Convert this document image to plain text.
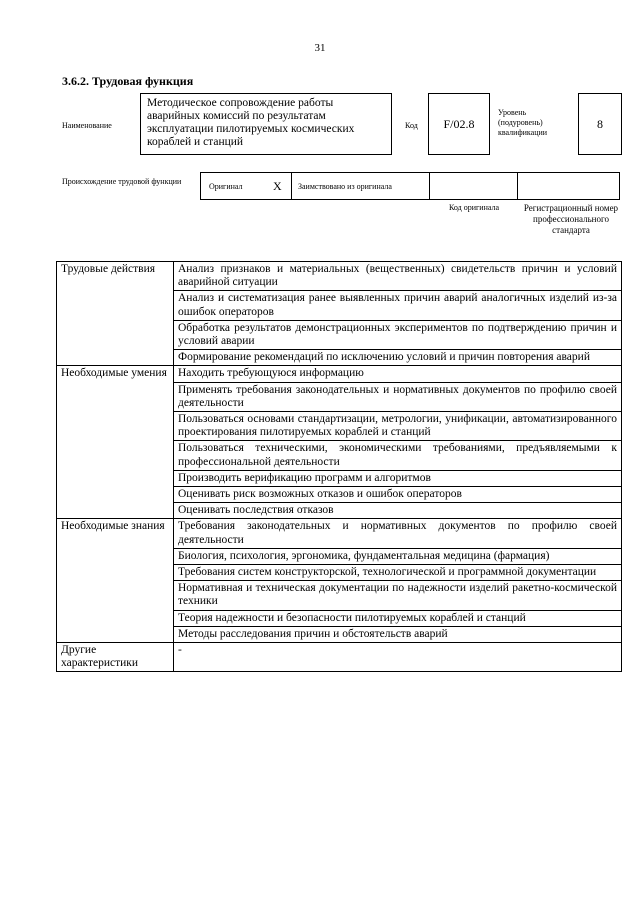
31
3.6.2. Трудовая функция
Наименование
Методическое сопровождение работы аварийных комиссий по результатам эксплуатации пилотируемых космических кораблей и станций
Код	F/02.8
Уровень (подуровень) квалификации
8
Происхождение трудовой функции
Оригинал	X Заимствовано из оригинала
Код оригинала	Регистрационный номер профессионального стандарта
Трудовые действия	Анализ признаков и материальных (вещественных) свидетельств причин и условий аварийной ситуации
	Анализ и систематизация ранее выявленных причин аварий аналогичных изделий из-за ошибок операторов
	Обработка результатов демонстрационных экспериментов по подтверждению причин и условий аварии
	Формирование рекомендаций по исключению условий и причин повторения аварий
Необходимые умения	Находить требующуюся информацию
	Применять требования законодательных и нормативных документов по профилю своей деятельности
	Пользоваться основами стандартизации, метрологии, унификации, автоматизированного проектирования пилотируемых кораблей и станций
	Пользоваться техническими, экономическими требованиями, предъявляемыми к профессиональной деятельности
	Производить верификацию программ и алгоритмов
	Оценивать риск возможных отказов и ошибок операторов
	Оценивать последствия отказов
Необходимые знания	Требования законодательных и нормативных документов по профилю своей деятельности
	Биология, психология, эргономика, фундаментальная медицина (фармация)
	Требования систем конструкторской, технологической и программной документации
	Нормативная и техническая документации по надежности изделий ракетно-космической техники
	Теория надежности и безопасности пилотируемых кораблей и станций
	Методы расследования причин и обстоятельств аварий
Другие характеристики	-
